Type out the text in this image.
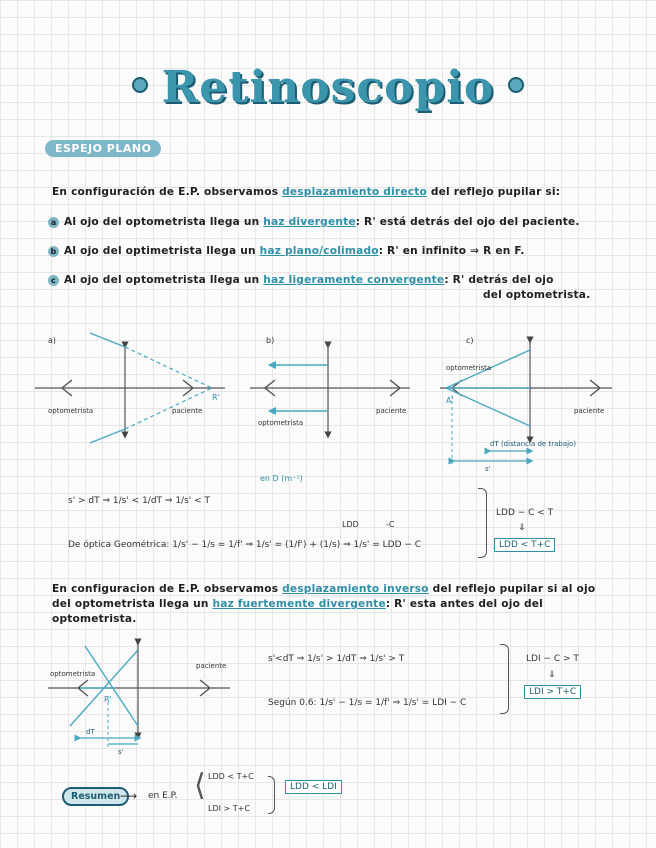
Retinoscopio
ESPEJO PLANO
En configuración de E.P. observamos desplazamiento directo del reflejo pupilar si:
a Al ojo del optometrista llega un haz divergente: R' está detrás del ojo del paciente.
b Al ojo del optimetrista llega un haz plano/colimado: R' en infinito ⇒ R en F.
c Al ojo del optometrista llega un haz ligeramente convergente: R' detrás del ojo
del optometrista.
a)
optometrista	paciente
R'
b)
optometrista
paciente
c)
optometrista
paciente
A'
dT (distancia de trabajo)
s'
s' > dT ⇒ 1/s' < 1/dT ⇒ 1/s' < T
en D (m⁻¹)
LDD	-C
De óptica Geométrica: 1/s' − 1/s = 1/f' ⇒ 1/s' = (1/f') + (1/s) ⇒ 1/s' = LDD − C
LDD − C < T
⇓
LDD < T+C
En configuracion de E.P. observamos desplazamiento inverso del reflejo pupilar si al ojo
del optometrista llega un haz fuertemente divergente: R' esta antes del ojo del
optometrista.
optometrista
paciente
R'
dT
s'
s'<dT ⇒ 1/s' > 1/dT ⇒ 1/s' > T
Según 0.6: 1/s' − 1/s = 1/f' ⇒ 1/s' = LDI − C
LDI − C > T
⇓
LDI > T+C
Resumen ⟶ en E.P. ⟨ LDD < T+C
LDI > T+C
LDD < LDI
